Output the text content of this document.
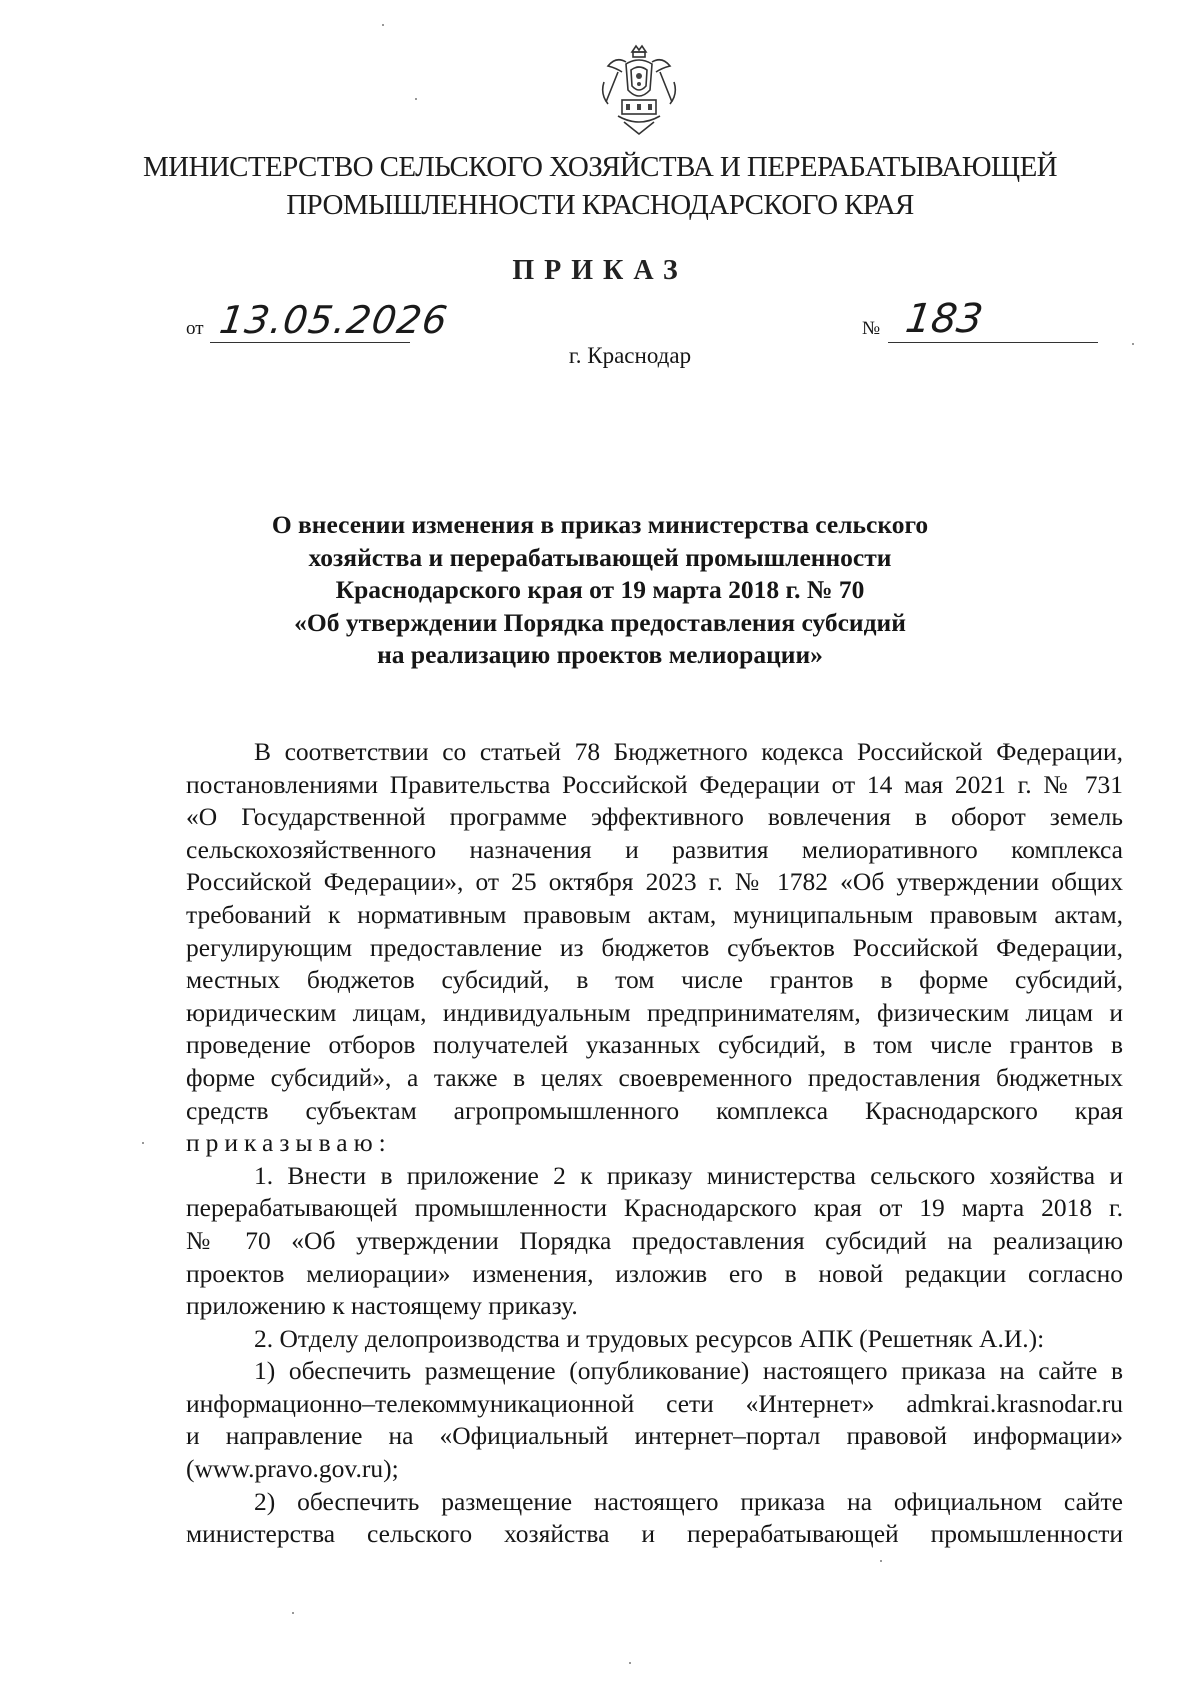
МИНИСТЕРСТВО СЕЛЬСКОГО ХОЗЯЙСТВА И ПЕРЕРАБАТЫВАЮЩЕЙ
ПРОМЫШЛЕННОСТИ КРАСНОДАРСКОГО КРАЯ
ПРИКАЗ
от 13.05.2026	№ 183
г. Краснодар
О внесении изменения в приказ министерства сельского
хозяйства и перерабатывающей промышленности
Краснодарского края от 19 марта 2018 г. № 70
«Об утверждении Порядка предоставления субсидий
на реализацию проектов мелиорации»
В соответствии со статьей 78 Бюджетного кодекса Российской Федерации,
постановлениями Правительства Российской Федерации от 14 мая 2021 г. № 731
«О Государственной программе эффективного вовлечения в оборот земель
сельскохозяйственного назначения и развития мелиоративного комплекса
Российской Федерации», от 25 октября 2023 г. № 1782 «Об утверждении общих
требований к нормативным правовым актам, муниципальным правовым актам,
регулирующим предоставление из бюджетов субъектов Российской Федерации,
местных бюджетов субсидий, в том числе грантов в форме субсидий,
юридическим лицам, индивидуальным предпринимателям, физическим лицам и
проведение отборов получателей указанных субсидий, в том числе грантов в
форме субсидий», а также в целях своевременного предоставления бюджетных
средств субъектам агропромышленного комплекса Краснодарского края
приказываю:
1. Внести в приложение 2 к приказу министерства сельского хозяйства и
перерабатывающей промышленности Краснодарского края от 19 марта 2018 г.
№ 70 «Об утверждении Порядка предоставления субсидий на реализацию
проектов мелиорации» изменения, изложив его в новой редакции согласно
приложению к настоящему приказу.
2. Отделу делопроизводства и трудовых ресурсов АПК (Решетняк А.И.):
1) обеспечить размещение (опубликование) настоящего приказа на сайте в
информационно–телекоммуникационной сети «Интернет» admkrai.krasnodar.ru
и направление на «Официальный интернет–портал правовой информации»
(www.pravo.gov.ru);
2) обеспечить размещение настоящего приказа на официальном сайте
министерства сельского хозяйства и перерабатывающей промышленности
